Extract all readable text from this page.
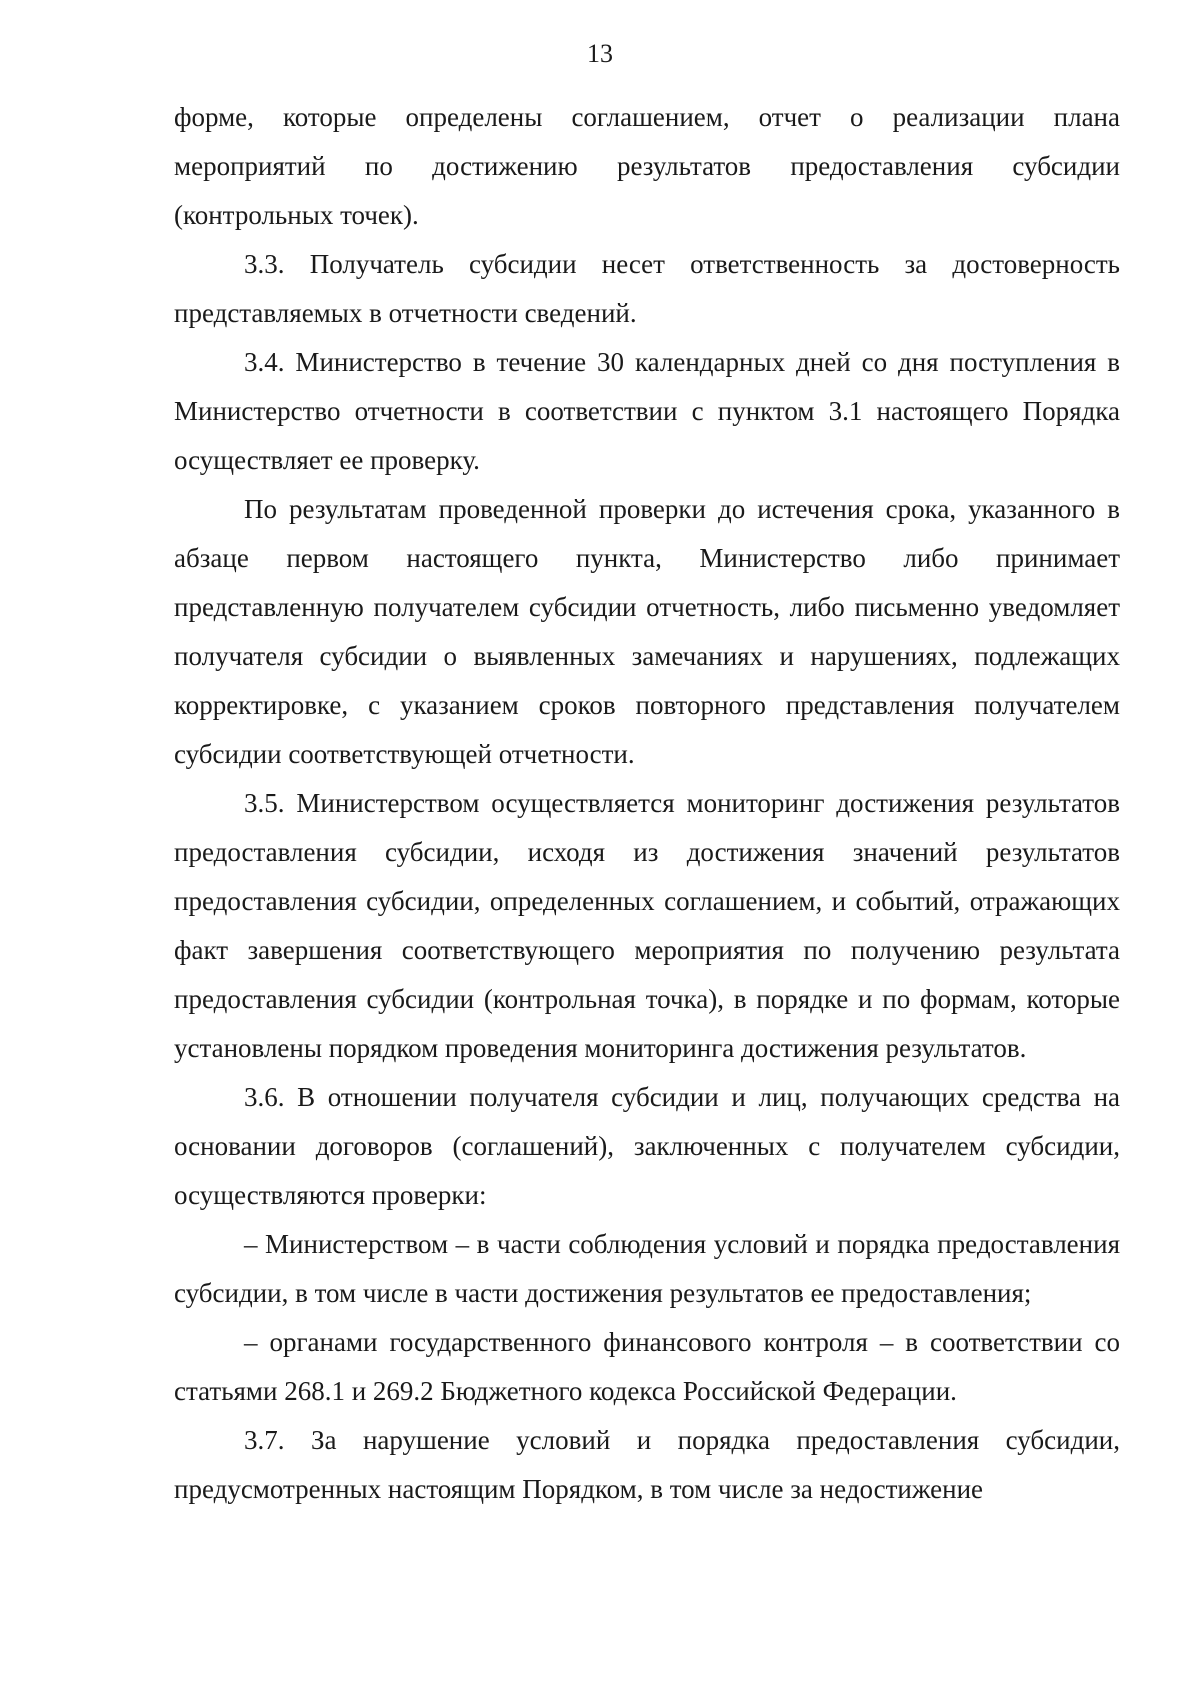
13

форме, которые определены соглашением, отчет о реализации плана мероприятий по достижению результатов предоставления субсидии (контрольных точек).

3.3. Получатель субсидии несет ответственность за достоверность представляемых в отчетности сведений.

3.4. Министерство в течение 30 календарных дней со дня поступления в Министерство отчетности в соответствии с пунктом 3.1 настоящего Порядка осуществляет ее проверку.

По результатам проведенной проверки до истечения срока, указанного в абзаце первом настоящего пункта, Министерство либо принимает представленную получателем субсидии отчетность, либо письменно уведомляет получателя субсидии о выявленных замечаниях и нарушениях, подлежащих корректировке, с указанием сроков повторного представления получателем субсидии соответствующей отчетности.

3.5. Министерством осуществляется мониторинг достижения результатов предоставления субсидии, исходя из достижения значений результатов предоставления субсидии, определенных соглашением, и событий, отражающих факт завершения соответствующего мероприятия по получению результата предоставления субсидии (контрольная точка), в порядке и по формам, которые установлены порядком проведения мониторинга достижения результатов.

3.6. В отношении получателя субсидии и лиц, получающих средства на основании договоров (соглашений), заключенных с получателем субсидии, осуществляются проверки:

– Министерством – в части соблюдения условий и порядка предоставления субсидии, в том числе в части достижения результатов ее предоставления;

– органами государственного финансового контроля – в соответствии со статьями 268.1 и 269.2 Бюджетного кодекса Российской Федерации.

3.7. За нарушение условий и порядка предоставления субсидии, предусмотренных настоящим Порядком, в том числе за недостижение
